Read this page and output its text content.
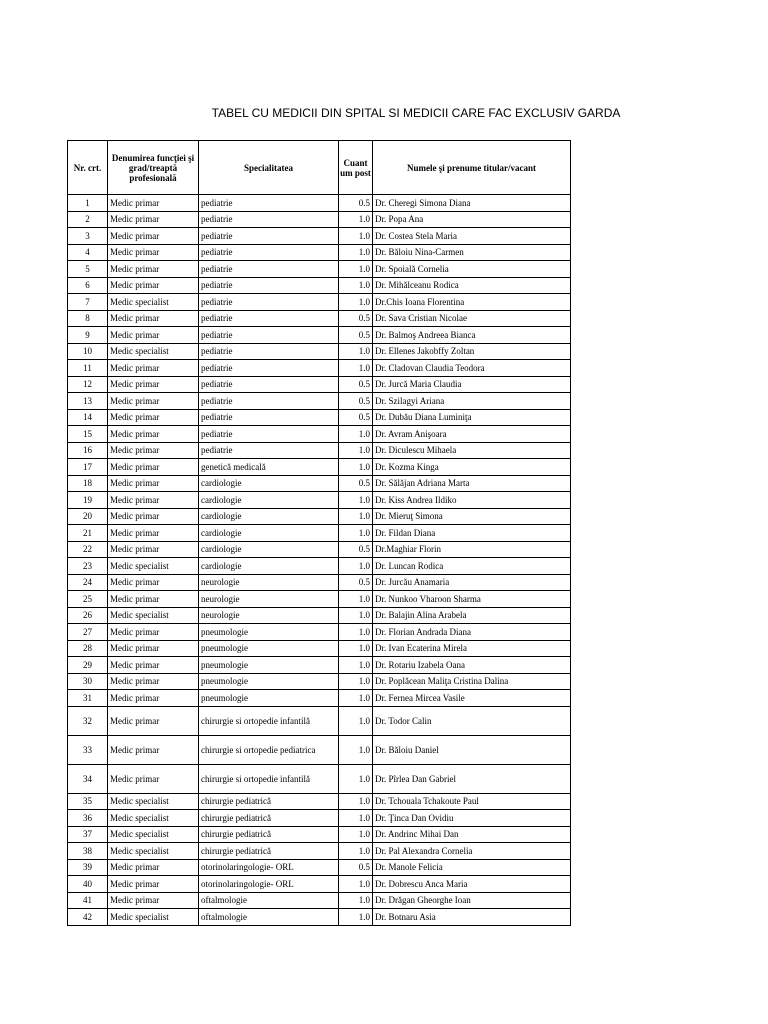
TABEL CU MEDICII DIN SPITAL SI MEDICII CARE FAC EXCLUSIV GARDA
Nr. crt.	Denumirea funcţiei şi grad/treaptă profesională	Specialitatea	Cuant um post	Numele şi prenume titular/vacant
1	Medic primar	pediatrie	0.5	Dr. Cheregi Simona Diana
2	Medic primar	pediatrie	1.0	Dr. Popa Ana
3	Medic primar	pediatrie	1.0	Dr. Costea Stela Maria
4	Medic primar	pediatrie	1.0	Dr. Băloiu Nina-Carmen
5	Medic primar	pediatrie	1.0	Dr. Spoială Cornelia
6	Medic primar	pediatrie	1.0	Dr. Mihălceanu Rodica
7	Medic specialist	pediatrie	1.0	Dr.Chis Ioana Florentina
8	Medic primar	pediatrie	0.5	Dr. Sava Cristian Nicolae
9	Medic primar	pediatrie	0.5	Dr. Balmoş Andreea Bianca
10	Medic specialist	pediatrie	1.0	Dr. Ellenes Jakobffy Zoltan
11	Medic primar	pediatrie	1.0	Dr. Cladovan Claudia Teodora
12	Medic primar	pediatrie	0.5	Dr. Jurcă Maria Claudia
13	Medic primar	pediatrie	0.5	Dr. Szilagyi Ariana
14	Medic primar	pediatrie	0.5	Dr. Dubău Diana Luminiţa
15	Medic primar	pediatrie	1.0	Dr. Avram Anişoara
16	Medic primar	pediatrie	1.0	Dr. Diculescu Mihaela
17	Medic primar	genetică medicală	1.0	Dr. Kozma Kinga
18	Medic primar	cardiologie	0.5	Dr. Sălăjan Adriana Marta
19	Medic primar	cardiologie	1.0	Dr. Kiss Andrea Ildiko
20	Medic primar	cardiologie	1.0	Dr. Mieruţ Simona
21	Medic primar	cardiologie	1.0	Dr. Fildan Diana
22	Medic primar	cardiologie	0.5	Dr.Maghiar Florin
23	Medic specialist	cardiologie	1.0	Dr. Luncan Rodica
24	Medic primar	neurologie	0.5	Dr. Jurcău Anamaria
25	Medic primar	neurologie	1.0	Dr. Nunkoo Vharoon Sharma
26	Medic specialist	neurologie	1.0	Dr. Balajin Alina Arabela
27	Medic primar	pneumologie	1.0	Dr. Florian Andrada Diana
28	Medic primar	pneumologie	1.0	Dr. Ivan Ecaterina Mirela
29	Medic primar	pneumologie	1.0	Dr. Rotariu Izabela Oana
30	Medic primar	pneumologie	1.0	Dr. Poplăcean Maliţa Cristina Dalina
31	Medic primar	pneumologie	1.0	Dr. Fernea Mircea Vasile
32	Medic primar	chirurgie si ortopedie infantilă	1.0	Dr. Todor Calin
33	Medic primar	chirurgie si ortopedie pediatrica	1.0	Dr. Băloiu Daniel
34	Medic primar	chirurgie si ortopedie infantilă	1.0	Dr. Pîrlea Dan Gabriel
35	Medic specialist	chirurgie pediatrică	1.0	Dr. Tchouala Tchakoute Paul
36	Medic specialist	chirurgie pediatrică	1.0	Dr. Ţinca Dan Ovidiu
37	Medic specialist	chirurgie pediatrică	1.0	Dr. Andrinc Mihai Dan
38	Medic specialist	chirurgie pediatrică	1.0	Dr. Pal Alexandra Cornelia
39	Medic primar	otorinolaringologie- ORL	0.5	Dr. Manole Felicia
40	Medic primar	otorinolaringologie- ORL	1.0	Dr. Dobrescu Anca Maria
41	Medic primar	oftalmologie	1.0	Dr. Drăgan Gheorghe Ioan
42	Medic specialist	oftalmologie	1.0	Dr. Botnaru Asia
